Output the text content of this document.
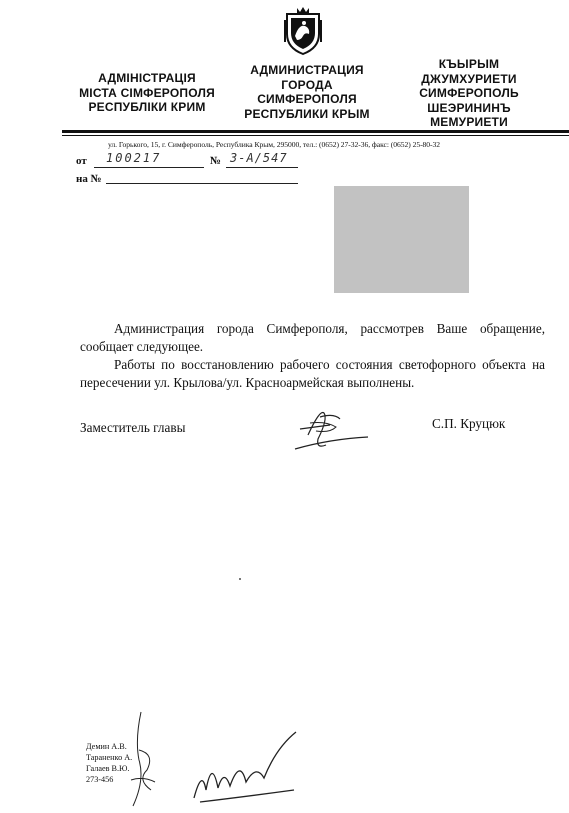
АДМІНІСТРАЦІЯ
МІСТА СІМФЕРОПОЛЯ
РЕСПУБЛІКИ КРИМ
АДМИНИСТРАЦИЯ
ГОРОДА
СИМФЕРОПОЛЯ
РЕСПУБЛИКИ КРЫМ
КЪЫРЫМ
ДЖУМХУРИЕТИ
СИМФЕРОПОЛЬ
ШЕЭРИНИНЪ
МЕМУРИЕТИ
ул. Горького, 15, г. Симферополь, Республика Крым, 295000, тел.: (0652) 27-32-36, факс: (0652) 25-80-32
от 100217	№ 3-А/547
на №
Администрация города Симферополя, рассмотрев Ваше обращение, сообщает следующее.
Работы по восстановлению рабочего состояния светофорного объекта на пересечении ул. Крылова/ул. Красноармейская выполнены.
Заместитель главы	С.П. Круцюк
Демин А.В.
Тараненко А.
Галаев В.Ю.
273-456
